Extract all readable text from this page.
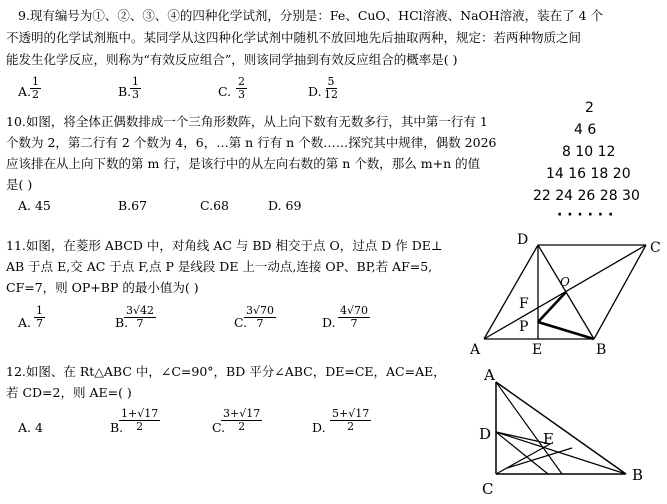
9.现有编号为①、②、③、④的四种化学试剂，分别是：Fe、CuO、HCl溶液、NaOH溶液，装在了 4 个
不透明的化学试剂瓶中。某同学从这四种化学试剂中随机不放回地先后抽取两种，规定：若两种物质之间
能发生化学反应，则称为“有效反应组合”，则该同学抽到有效反应组合的概率是( )
A.
$\frac{1}{2}$	B.
$\frac{1}{3}$	C. $\frac{2}{3}$	D. $\frac{5}{12}$
10.如图，将全体正偶数排成一个三角形数阵，从上向下数有无数多行，其中第一行有 1
个数为 2，第二行有 2 个数为 4，6，…第 n 行有 n 个数……探究其中规律，偶数 2026
应该排在从上向下数的第 m 行，是该行中的从左向右数的第 n 个数，那么 m+n 的值
是( )
A. 45	B.67	C.68	D. 69
2
4 6
8 10 12
14 16 18 20
22 24 26 28 30
· · · · · ·
11.如图，在菱形 ABCD 中，对角线 AC 与 BD 相交于点 O，过点 D 作 DE⊥
AB 于点 E,交 AC 于点 F,点 P 是线段 DE 上一动点,连接 OP、BP,若 AF=5,
CF=7，则 OP+BP 的最小值为( )
A. $\frac{1}{7}$	B.
$\frac{3√42}{7}$	C.
$\frac{3√70}{7}$	D. $\frac{4√70}{7}$
D	C
A	E	B
F
P
O
12.如图、在 Rt△ABC 中，∠C=90°，BD 平分∠ABC，DE=CE，AC=AE，
若 CD=2，则 AE=( )
A. 4	B.
$\frac{1+√17}{2}$	C.
$\frac{3+√17}{2}$	D. $\frac{5+√17}{2}$
A
D
C
B
E
